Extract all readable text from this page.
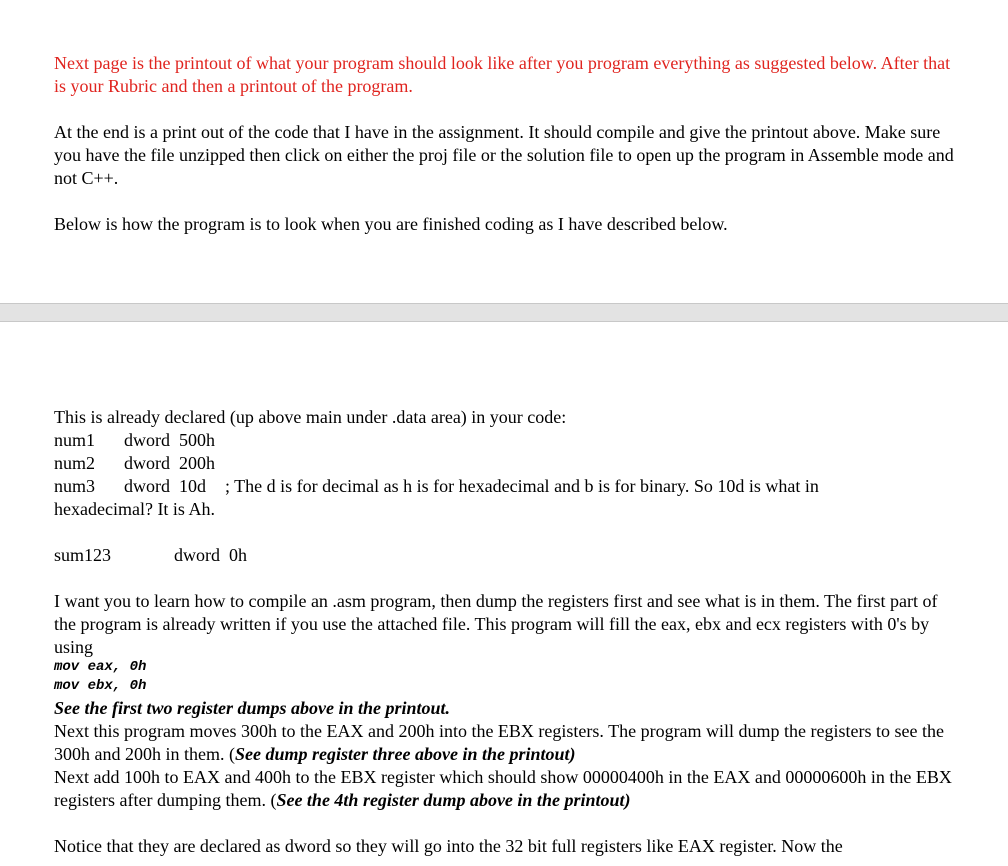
Next page is the printout of what your program should look like after you program everything as suggested below. After that is your Rubric and then a printout of the program.

At the end is a print out of the code that I have in the assignment. It should compile and give the printout above. Make sure you have the file unzipped then click on either the proj file or the solution file to open up the program in Assemble mode and not C++.

Below is how the program is to look when you are finished coding as I have described below.

This is already declared (up above main under .data area) in your code:

num1 dword 500h
num2 dword 200h
num3 dword 10d ; The d is for decimal as h is for hexadecimal and b is for binary. So 10d is what in

hexadecimal? It is Ah.

sum123	dword 0h

I want you to learn how to compile an .asm program, then dump the registers first and see what is in them. The first part of the program is already written if you use the attached file. This program will fill the eax, ebx and ecx registers with 0's by using

mov eax, 0h
mov ebx, 0h

See the first two register dumps above in the printout.

Next this program moves 300h to the EAX and 200h into the EBX registers. The program will dump the registers to see the 300h and 200h in them. (See dump register three above in the printout)

Next add 100h to EAX and 400h to the EBX register which should show 00000400h in the EAX and 00000600h in the EBX registers after dumping them. (See the 4th register dump above in the printout)

Notice that they are declared as dword so they will go into the 32 bit full registers like EAX register. Now the
